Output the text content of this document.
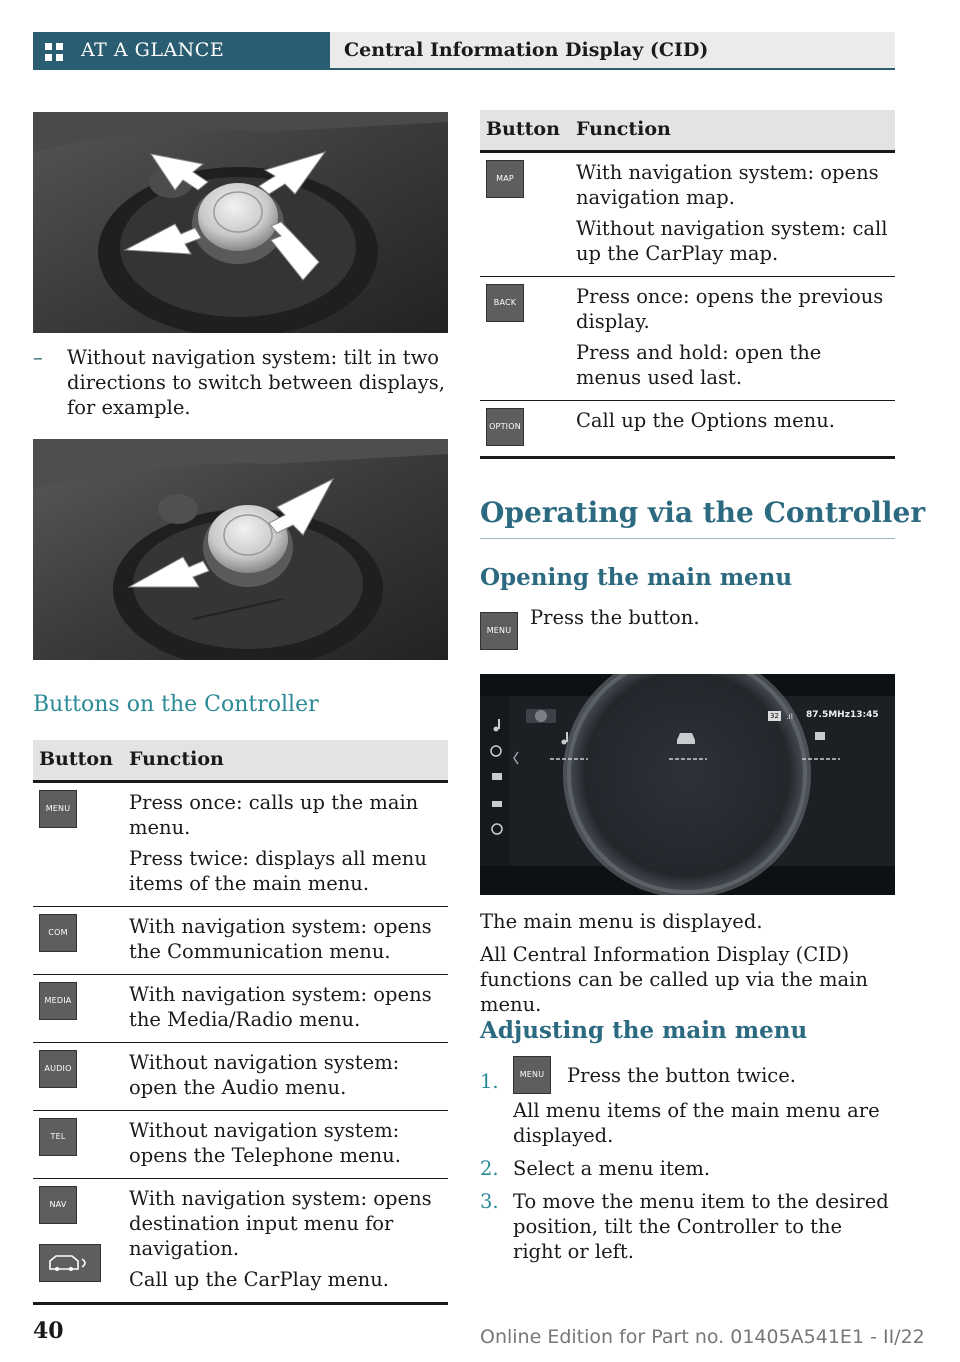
AT A GLANCE	Central Information Display (CID)
– Without navigation system: tilt in two directions to switch between displays, for example.
Buttons on the Controller
Button	Function
MENU	Press once: calls up the main menu.

Press twice: displays all menu items of the main menu.

COM	With navigation system: opens the Communication menu.

MEDIA	With navigation system: opens the Media/Radio menu.

AUDIO	Without navigation system: open the Audio menu.

TEL	Without navigation system: opens the Telephone menu.

NAV	With navigation system: opens destination input menu for navigation.

Call up the CarPlay menu.

Button	Function
MAP	With navigation system: opens navigation map.

Without navigation system: call up the CarPlay map.

BACK	Press once: opens the previous display.

Press and hold: open the menus used last.

OPTION	Call up the Options menu.

Operating via the Controller
Opening the main menu
MENU
Press the button.
32 .ıl 87.5MHz 13:45

The main menu is displayed.

All Central Information Display (CID) functions can be called up via the main menu.

Adjusting the main menu
1.	MENU	Press the button twice.
All menu items of the main menu are displayed.
2. Select a menu item.
3. To move the menu item to the desired position, tilt the Controller to the right or left.
40	Online Edition for Part no. 01405A541E1 - II/22
